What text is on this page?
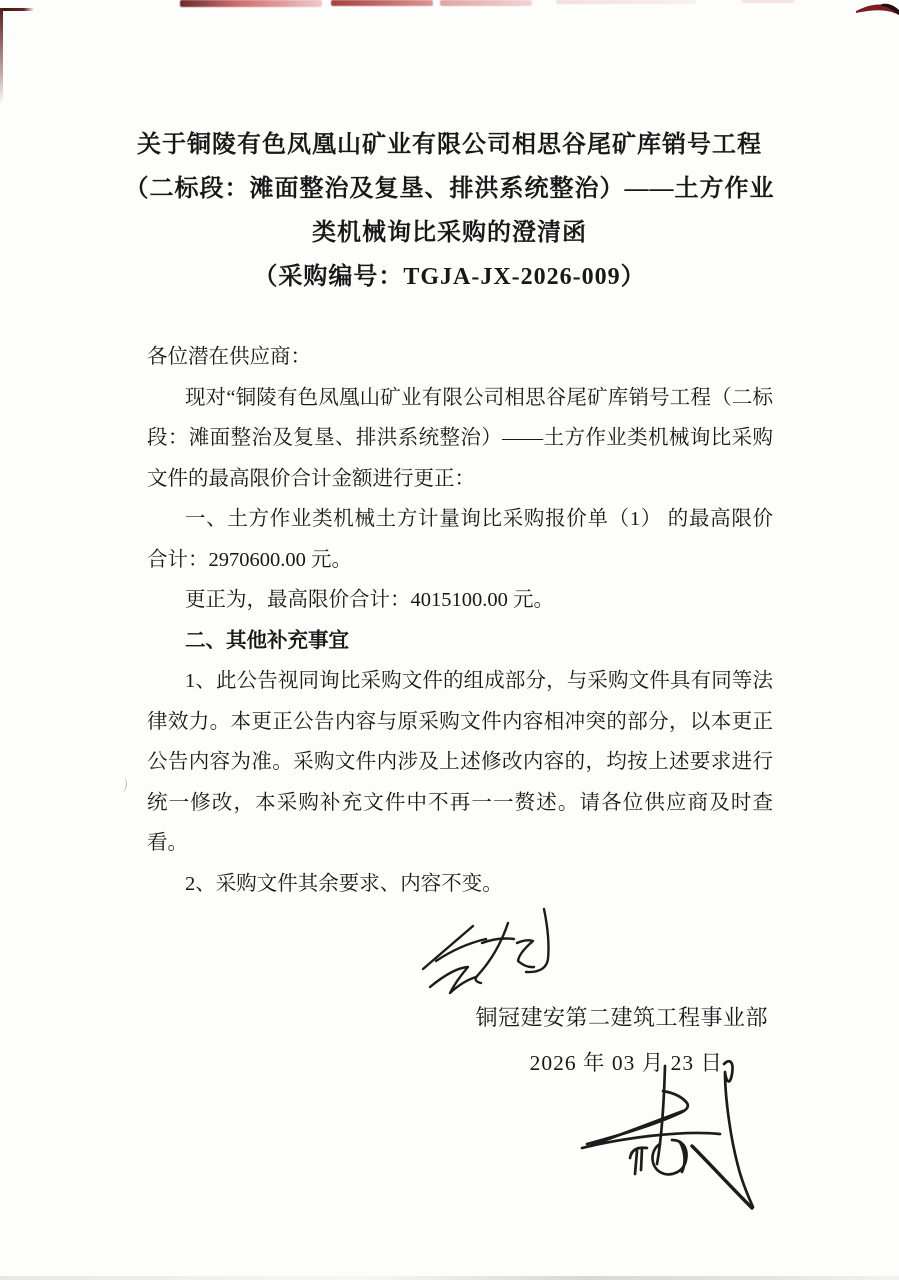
关于铜陵有色凤凰山矿业有限公司相思谷尾矿库销号工程
（二标段：滩面整治及复垦、排洪系统整治）——土方作业
类机械询比采购的澄清函
（采购编号：TGJA-JX-2026-009）

各位潜在供应商：

现对“铜陵有色凤凰山矿业有限公司相思谷尾矿库销号工程（二标段：滩面整治及复垦、排洪系统整治）——土方作业类机械询比采购文件的最高限价合计金额进行更正：

一、土方作业类机械土方计量询比采购报价单（1） 的最高限价合计：2970600.00 元。

更正为，最高限价合计：4015100.00 元。

二、其他补充事宜

1、此公告视同询比采购文件的组成部分，与采购文件具有同等法律效力。本更正公告内容与原采购文件内容相冲突的部分，以本更正公告内容为准。采购文件内涉及上述修改内容的，均按上述要求进行统一修改，本采购补充文件中不再一一赘述。请各位供应商及时查看。

2、采购文件其余要求、内容不变。

铜冠建安第二建筑工程事业部
2026 年 03 月 23 日
